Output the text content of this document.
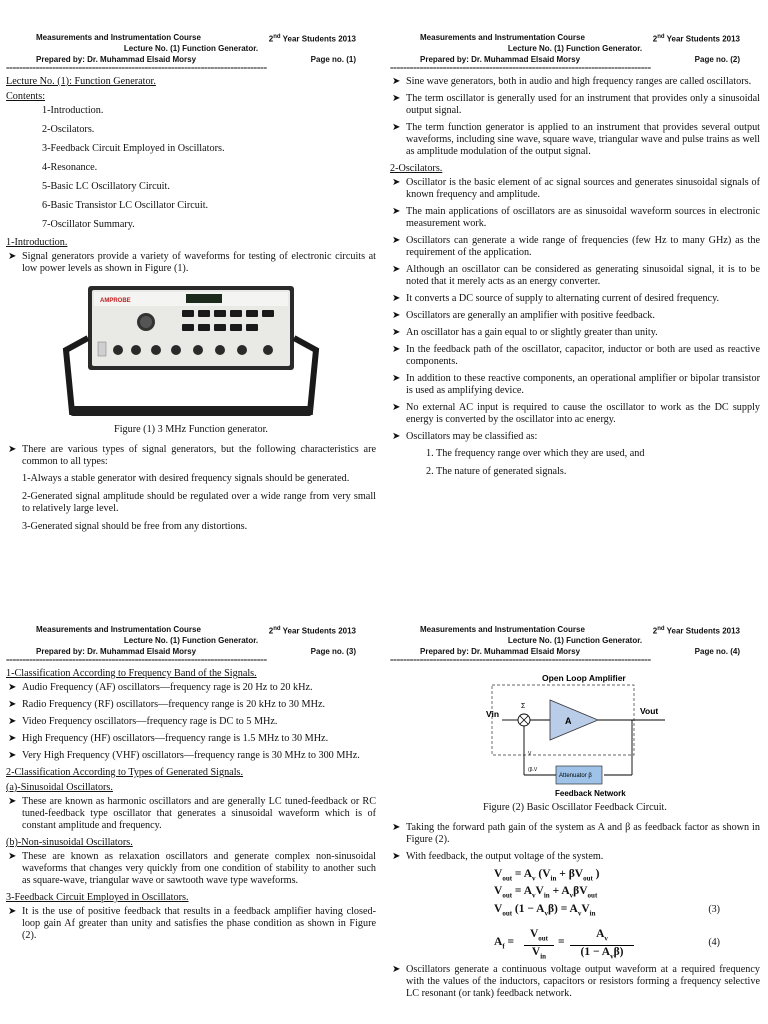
Measurements and Instrumentation Course	2nd Year Students 2013
Lecture No. (1) Function Generator.
Prepared by: Dr. Muhammad Elsaid Morsy	Page no. (1)
===============================================================================
Lecture No. (1): Function Generator.
Contents:
1-Introduction.
2-Oscilators.
3-Feedback Circuit Employed in Oscillators.
4-Resonance.
5-Basic LC Oscillatory Circuit.
6-Basic Transistor LC Oscillator Circuit.
7-Oscillator Summary.
1-Introduction.
➤ Signal generators provide a variety of waveforms for testing of electronic circuits at low power levels as shown in Figure (1).
AMPROBE
Figure (1) 3 MHz Function generator.
➤ There are various types of signal generators, but the following characteristics are common to all types:
1-Always a stable generator with desired frequency signals should be generated.
2-Generated signal amplitude should be regulated over a wide range from very small to relatively large level.
3-Generated signal should be free from any distortions.
Measurements and Instrumentation Course	2nd Year Students 2013
Lecture No. (1) Function Generator.
Prepared by: Dr. Muhammad Elsaid Morsy	Page no. (2)
===============================================================================
➤ Sine wave generators, both in audio and high frequency ranges are called oscillators.
➤ The term oscillator is generally used for an instrument that provides only a sinusoidal output signal.
➤ The term function generator is applied to an instrument that provides several output waveforms, including sine wave, square wave, triangular wave and pulse trains as well as amplitude modulation of the output signal.
2-Oscilators.
➤ Oscillator is the basic element of ac signal sources and generates sinusoidal signals of known frequency and amplitude.
➤ The main applications of oscillators are as sinusoidal waveform sources in electronic measurement work.
➤ Oscillators can generate a wide range of frequencies (few Hz to many GHz) as the requirement of the application.
➤ Although an oscillator can be considered as generating sinusoidal signal, it is to be noted that it merely acts as an energy converter.
➤ It converts a DC source of supply to alternating current of desired frequency.
➤ Oscillators are generally an amplifier with positive feedback.
➤ An oscillator has a gain equal to or slightly greater than unity.
➤ In the feedback path of the oscillator, capacitor, inductor or both are used as reactive components.
➤ In addition to these reactive components, an operational amplifier or bipolar transistor is used as amplifying device.
➤ No external AC input is required to cause the oscillator to work as the DC supply energy is converted by the oscillator into ac energy.
➤ Oscillators may be classified as:
1. The frequency range over which they are used, and
2. The nature of generated signals.
Measurements and Instrumentation Course	2nd Year Students 2013
Lecture No. (1) Function Generator.
Prepared by: Dr. Muhammad Elsaid Morsy	Page no. (3)
===============================================================================
1-Classification According to Frequency Band of the Signals.
➤ Audio Frequency (AF) oscillators—frequency rage is 20 Hz to 20 kHz.
➤ Radio Frequency (RF) oscillators—frequency range is 20 kHz to 30 MHz.
➤ Video Frequency oscillators—frequency rage is DC to 5 MHz.
➤ High Frequency (HF) oscillators—frequency range is 1.5 MHz to 30 MHz.
➤ Very High Frequency (VHF) oscillators—frequency range is 30 MHz to 300 MHz.
2-Classification According to Types of Generated Signals.
(a)-Sinusoidal Oscillators.
➤ These are known as harmonic oscillators and are generally LC tuned-feedback or RC tuned-feedback type oscillator that generates a sinusoidal waveform which is of constant amplitude and frequency.
(b)-Non-sinusoidal Oscillators.
➤ These are known as relaxation oscillators and generate complex non-sinusoidal waveforms that changes very quickly from one condition of stability to another such as square-wave, triangular wave or sawtooth wave type waveforms.
3-Feedback Circuit Employed in Oscillators.
➤ It is the use of positive feedback that results in a feedback amplifier having closed-loop gain Af greater than unity and satisfies the phase condition as shown in Figure (2).
Measurements and Instrumentation Course	2nd Year Students 2013
Lecture No. (1) Function Generator.
Prepared by: Dr. Muhammad Elsaid Morsy	Page no. (4)
===============================================================================
Open Loop Amplifier
Vin
Σ
A
Vout
Attenuator β
V
(β.V
Feedback Network
Figure (2) Basic Oscillator Feedback Circuit.
➤ Taking the forward path gain of the system as A and β as feedback factor as shown in Figure (2).
➤ With feedback, the output voltage of the system.
$V_{out} = A_v$ ($V_{in} + \beta V_{out}$ )
$V_{out} = A_vV_{in} + A_v\beta V_{out}$
$V_{out}$ $(1 - A_v\beta) = A_vV_{in}$	(3)
$A_f$ =
$V_{out}$
$V_{in}$
=
$A_v$
$(1 - A_v\beta)$
(4)
➤ Oscillators generate a continuous voltage output waveform at a required frequency with the values of the inductors, capacitors or resistors forming a frequency selective LC resonant (or tank) feedback network.
